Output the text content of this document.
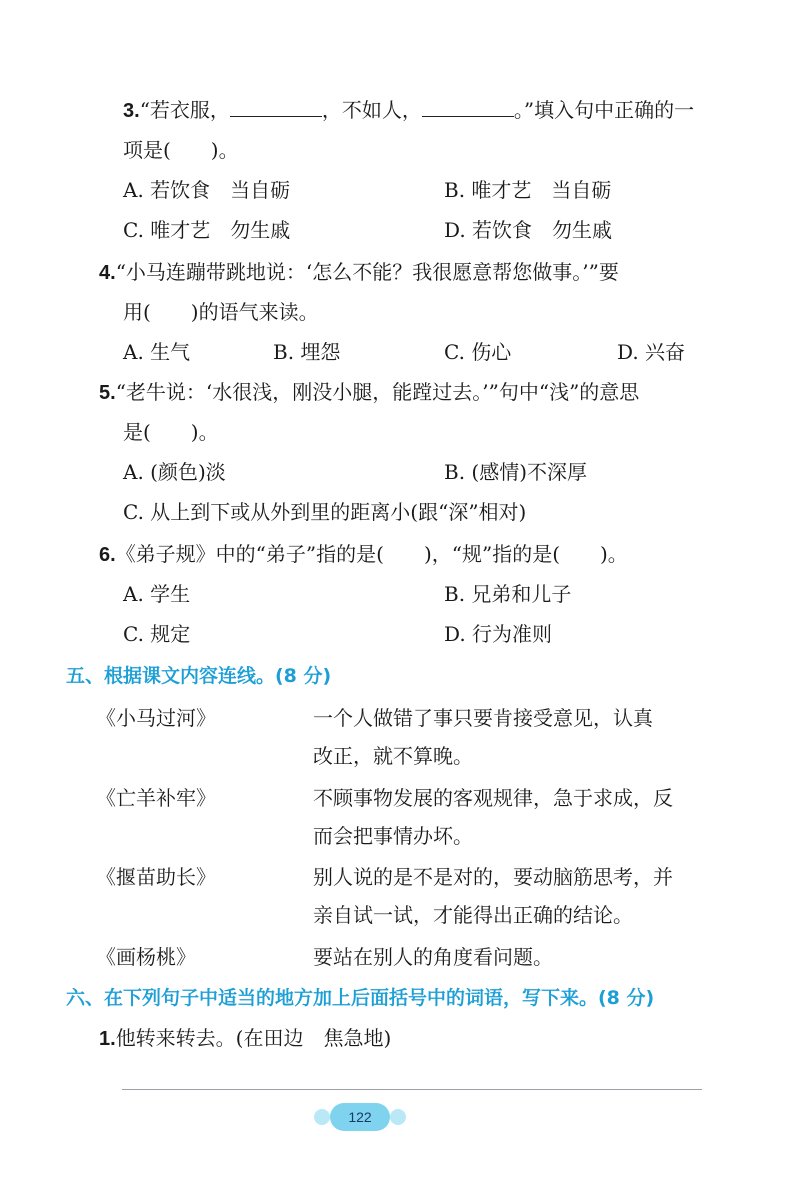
3.“若衣服，	，不如人，	。”填入句中正确的一
项是(　　)。
A. 若饮食　当自砺	B. 唯才艺　当自砺
C. 唯才艺　勿生戚	D. 若饮食　勿生戚
4.“小马连蹦带跳地说：‘怎么不能？我很愿意帮您做事。’”要
用(　　)的语气来读。
A. 生气	B. 埋怨	C. 伤心	D. 兴奋
5.“老牛说：‘水很浅，刚没小腿，能蹚过去。’”句中“浅”的意思
是(　　)。
A. (颜色)淡	B. (感情)不深厚
C. 从上到下或从外到里的距离小(跟“深”相对)
6.《弟子规》中的“弟子”指的是(　　)，“规”指的是(　　)。
A. 学生	B. 兄弟和儿子
C. 规定	D. 行为准则
五、根据课文内容连线。(8 分)
《小马过河》	一个人做错了事只要肯接受意见，认真
改正，就不算晚。
《亡羊补牢》	不顾事物发展的客观规律，急于求成，反
而会把事情办坏。
《揠苗助长》	别人说的是不是对的，要动脑筋思考，并
亲自试一试，才能得出正确的结论。
《画杨桃》	要站在别人的角度看问题。
六、在下列句子中适当的地方加上后面括号中的词语，写下来。(8 分)
1.他转来转去。(在田边　焦急地)
122
